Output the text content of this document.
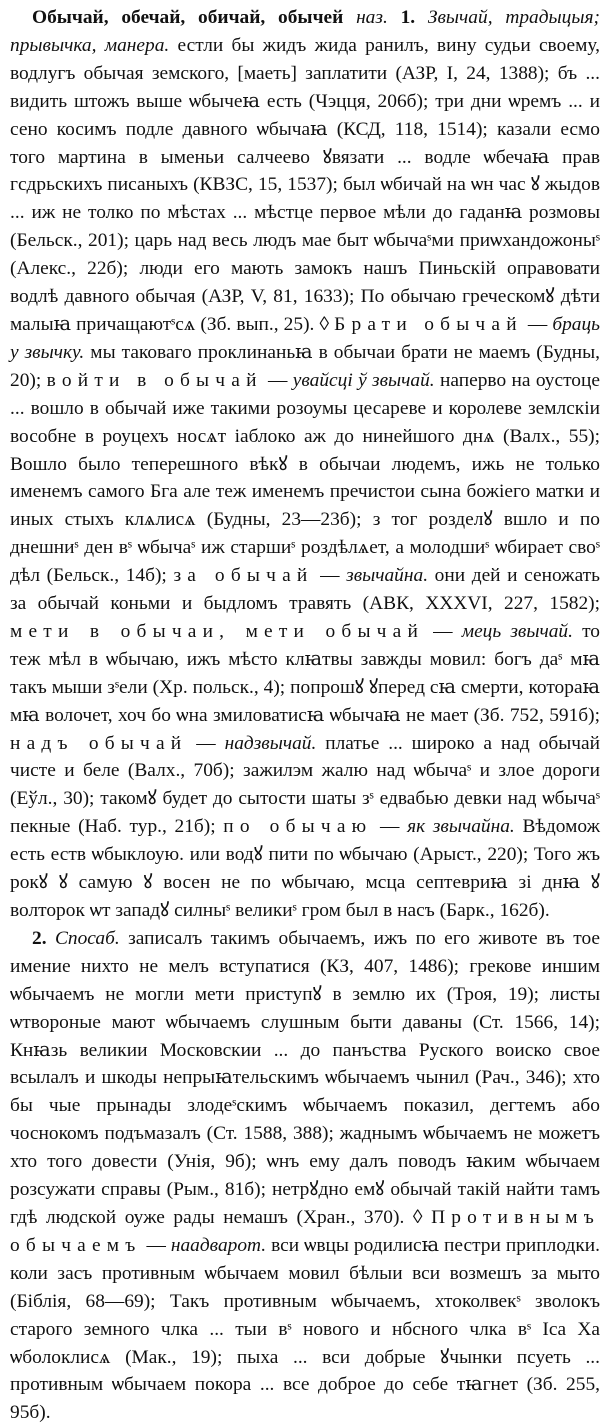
Обычай, обечай, обичай, обычей наз. 1. Звычай, традыцыя; прывычка, манера. естли бы жидъ жида ранилъ, вину судьи своему, водлугъ обычая земского, [маеть] заплатити (АЗР, I, 24, 1388); бъ ... видить штожъ выше ѡбычеꙗ есть (Чэцця, 206б); три дни ѡремъ ... и сено косимъ подле давного ѡбычаꙗ (КСД, 118, 1514); казали есмо того мартина в ыменьи салчеево ꙋвязати ... водле ѡбечаꙗ прав гсдрьскихъ писаныхъ (КВЗС, 15, 1537); был ѡбичай на ѡн час ꙋ жыдов ... иж не толко по мѣстах ... мѣстце первое мѣли до гаданꙗ розмовы (Бельск., 201); царь над весь людъ мае быт ѡбычаˢми приѡхандожоныˢ (Алекс., 22б); люди его мають замокъ нашъ Пиньскій оправовати водлѣ давного обычая (АЗР, V, 81, 1633); По обычаю греческомꙋ дѣти малыꙗ причащаютˢсѧ (Зб. вып., 25). ◊ Брати обычай — браць у звычку. мы таковаго проклинаньꙗ в обычаи брати не маемъ (Будны, 20); войти в обычай — увайсці ў звычай. наперво на оустоце ... вошло в обычай иже такими розоумы цесареве и королеве землскіи вособне в роуцехъ носѧт іаблоко аж до нинейшого днѧ (Валх., 55); Вошло было теперешного вѣкꙋ в обычаи людемъ, ижь не только именемъ самого Бга але теж именемъ пречистои сына божіего матки и иных стыхъ клѧлисѧ (Будны, 23—23б); з тог розделꙋ вшло и по днешниˢ ден вˢ ѡбычаˢ иж старшиˢ роздѣлѧет, а молодшиˢ ѡбирает своˢ дѣл (Бельск., 14б); за обычай — звычайна. они дей и сеножать за обычай коньми и быдломъ травять (АВК, XXXVI, 227, 1582); мети в обычаи, мети обычай — мець звычай. то теж мѣл в ѡбычаю, ижъ мѣсто клꙗтвы завжды мовил: богъ даˢ мꙗ такъ мыши зˢели (Хр. польск., 4); попрошꙋ ꙋперед сꙗ смерти, котораꙗ мꙗ волочет, хоч бо ѡна змиловатисꙗ ѡбычаꙗ не мает (Зб. 752, 591б); надъ обычай — надзвычай. платье ... широко а над обычай чисте и беле (Валх., 70б); зажилэм жалю над ѡбычаˢ и злое дороги (Еўл., 30); такомꙋ будет до сытости шаты зˢ едвабью девки над ѡбычаˢ пекные (Наб. тур., 21б); по обычаю — як звычайна. Вѣдомож есть еств ѡбыклоую. или водꙋ пити по ѡбычаю (Арыст., 220); Того жъ рокꙋ ꙋ самую ꙋ восен не по ѡбычаю, мсца септевриꙗ зі днꙗ ꙋ волторок ѡт западꙋ силныˢ великиˢ гром был в насъ (Барк., 162б).

2. Спосаб. записалъ такимъ обычаемъ, ижъ по его животе въ тое имение нихто не мелъ вступатися (КЗ, 407, 1486); грекове иншим ѡбычаемъ не могли мети приступꙋ в землю их (Троя, 19); листы ѡтвороные мают ѡбычаемъ слушным быти даваны (Ст. 1566, 14); Кнꙗзь великии Московскии ... до панъства Руского воиско свое всылалъ и шкоды непрыꙗтельскимъ ѡбычаемъ чынил (Рач., 346); хто бы чые прынады злодеˢскимъ ѡбычаемъ показил, дегтемъ або чоснокомъ подъмазалъ (Ст. 1588, 388); жаднымъ ѡбычаемъ не можетъ хто того довести (Унія, 9б); ѡнъ ему далъ поводъ ꙗким ѡбычаем розсужати справы (Рым., 81б); нетрꙋдно емꙋ обычай такій найти тамъ гдѣ людской оуже рады немашъ (Хран., 370). ◊ Противнымъ обычаемъ — наадварот. вси ѡвцы родилисꙗ пестри приплодки. коли засъ противным ѡбычаем мовил бѣлыи вси возмешъ за мыто (Біблія, 68—69); Такъ противным ѡбычаемъ, хтоколвекˢ зволокъ старого земного члка ... тыи вˢ нового и нбсного члка вˢ Ісa Ха ѡболоклисѧ (Мак., 19); пыха ... вси добрые ꙋчынки псуеть ... противным ѡбычаем покора ... все доброе до себе тꙗгнет (Зб. 255, 95б).
